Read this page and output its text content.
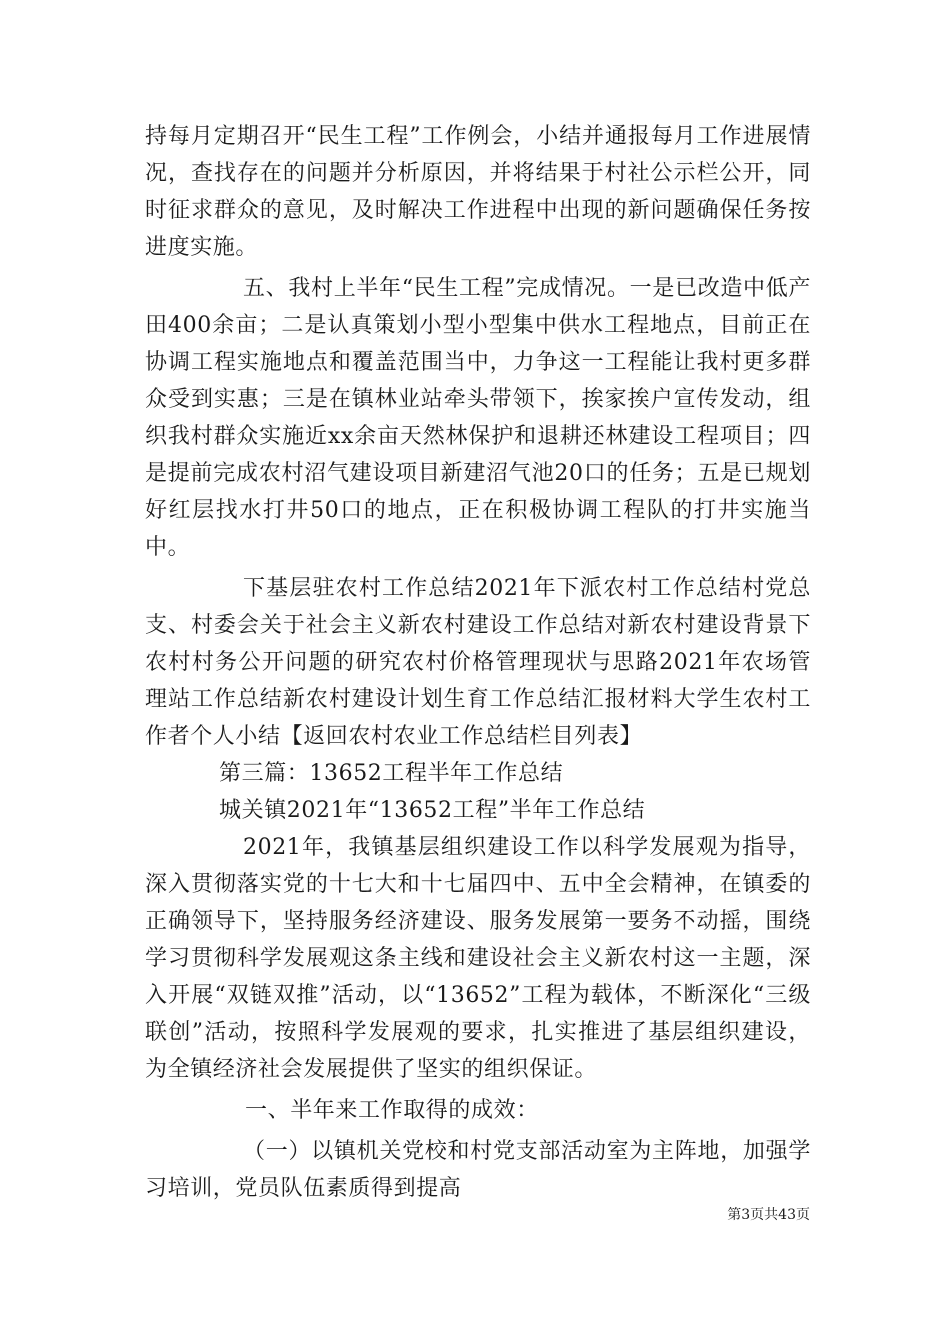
持每月定期召开“民生工程”工作例会，小结并通报每月工作进展情况，查找存在的问题并分析原因，并将结果于村社公示栏公开，同时征求群众的意见，及时解决工作进程中出现的新问题确保任务按进度实施。

五、我村上半年“民生工程”完成情况。一是已改造中低产田400余亩；二是认真策划小型小型集中供水工程地点，目前正在协调工程实施地点和覆盖范围当中，力争这一工程能让我村更多群众受到实惠；三是在镇林业站牵头带领下，挨家挨户宣传发动，组织我村群众实施近xx余亩天然林保护和退耕还林建设工程项目；四是提前完成农村沼气建设项目新建沼气池20口的任务；五是已规划好红层找水打井50口的地点，正在积极协调工程队的打井实施当中。

下基层驻农村工作总结2021年下派农村工作总结村党总支、村委会关于社会主义新农村建设工作总结对新农村建设背景下农村村务公开问题的研究农村价格管理现状与思路2021年农场管理站工作总结新农村建设计划生育工作总结汇报材料大学生农村工作者个人小结【返回农村农业工作总结栏目列表】

第三篇：13652工程半年工作总结

城关镇2021年“13652工程”半年工作总结

2021年，我镇基层组织建设工作以科学发展观为指导，深入贯彻落实党的十七大和十七届四中、五中全会精神，在镇委的正确领导下，坚持服务经济建设、服务发展第一要务不动摇，围绕学习贯彻科学发展观这条主线和建设社会主义新农村这一主题，深入开展“双链双推”活动，以“13652”工程为载体，不断深化“三级联创”活动，按照科学发展观的要求，扎实推进了基层组织建设，为全镇经济社会发展提供了坚实的组织保证。

一、半年来工作取得的成效：

（一）以镇机关党校和村党支部活动室为主阵地，加强学习培训，党员队伍素质得到提高

第3页共43页
